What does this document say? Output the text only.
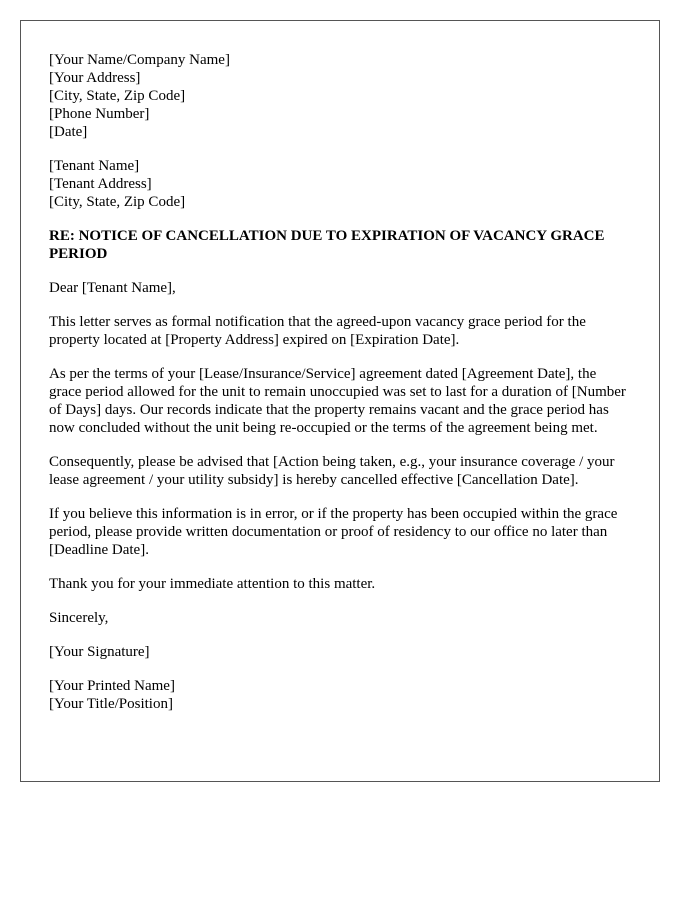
[Your Name/Company Name]
[Your Address]
[City, State, Zip Code]
[Phone Number]
[Date]
[Tenant Name]
[Tenant Address]
[City, State, Zip Code]
RE: NOTICE OF CANCELLATION DUE TO EXPIRATION OF VACANCY GRACE PERIOD

Dear [Tenant Name],

This letter serves as formal notification that the agreed-upon vacancy grace period for the property located at [Property Address] expired on [Expiration Date].

As per the terms of your [Lease/Insurance/Service] agreement dated [Agreement Date], the grace period allowed for the unit to remain unoccupied was set to last for a duration of [Number of Days] days. Our records indicate that the property remains vacant and the grace period has now concluded without the unit being re-occupied or the terms of the agreement being met.

Consequently, please be advised that [Action being taken, e.g., your insurance coverage / your lease agreement / your utility subsidy] is hereby cancelled effective [Cancellation Date].

If you believe this information is in error, or if the property has been occupied within the grace period, please provide written documentation or proof of residency to our office no later than [Deadline Date].

Thank you for your immediate attention to this matter.

Sincerely,

[Your Signature]

[Your Printed Name]
[Your Title/Position]
